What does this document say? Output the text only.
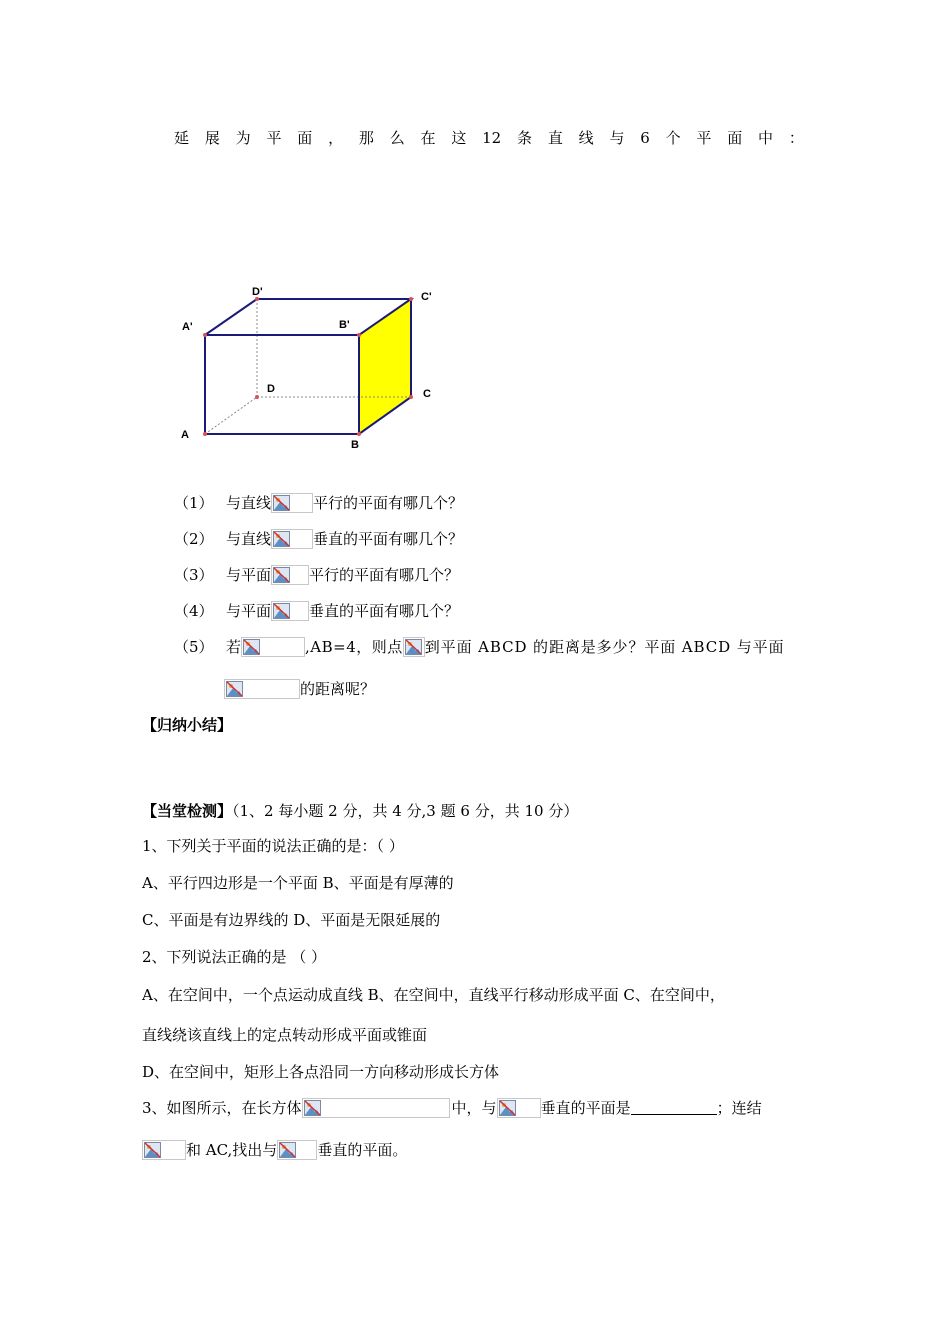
延 展 为 平 面 ， 那 么 在 这 12 条 直 线 与 6 个 平 面 中 ：
D'	C'
A'	B'
D	C
A
B
（1） 与直线	平行的平面有哪几个？
（2） 与直线	垂直的平面有哪几个？
（3） 与平面	平行的平面有哪几个？
（4） 与平面	垂直的平面有哪几个？
（5） 若	,AB=4，则点 到平面 ABCD 的距离是多少？平面 ABCD 与平面
的距离呢？
【归纳小结】
【当堂检测】（1、2 每小题 2 分，共 4 分,3 题 6 分，共 10 分）
1、下列关于平面的说法正确的是：（ ）
A、平行四边形是一个平面 B、平面是有厚薄的
C、平面是有边界线的 D、平面是无限延展的
2、下列说法正确的是 （ ）
A、在空间中，一个点运动成直线 B、在空间中，直线平行移动形成平面 C、在空间中，
直线绕该直线上的定点转动形成平面或锥面
D、在空间中，矩形上各点沿同一方向移动形成长方体
3、如图所示，在长方体	中，与	垂直的平面是	；连结
和 AC,找出与	垂直的平面。
